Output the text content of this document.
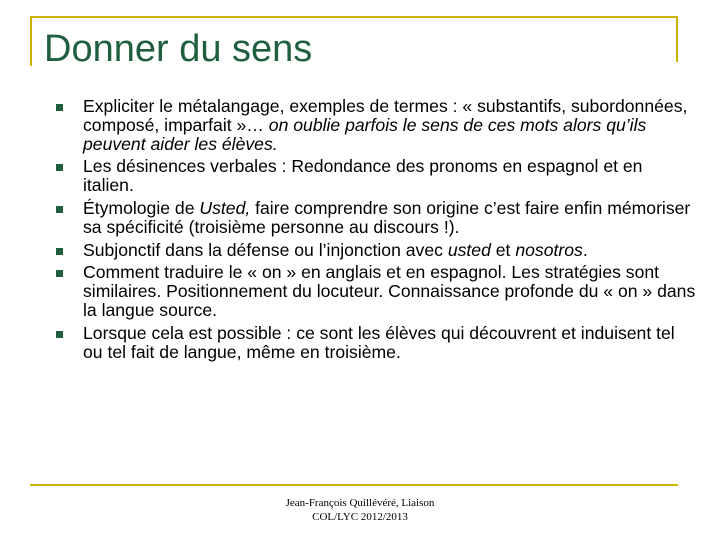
Donner du sens
Expliciter le métalangage, exemples de termes : « substantifs, subordonnées, composé, imparfait »… on oublie parfois le sens de ces mots alors qu’ils peuvent aider les élèves.
Les désinences verbales : Redondance des pronoms en espagnol et en italien.
Étymologie de Usted, faire comprendre son origine c’est faire enfin mémoriser sa spécificité (troisième personne au discours !).
Subjonctif dans la défense ou l’injonction avec usted et nosotros.
Comment traduire le « on » en anglais et en espagnol. Les stratégies sont similaires. Positionnement du locuteur. Connaissance profonde du « on » dans la langue source.
Lorsque cela est possible : ce sont les élèves qui découvrent et induisent tel ou tel fait de langue, même en troisième.
Jean-François Quillévéré, Liaison
COL/LYC 2012/2013
